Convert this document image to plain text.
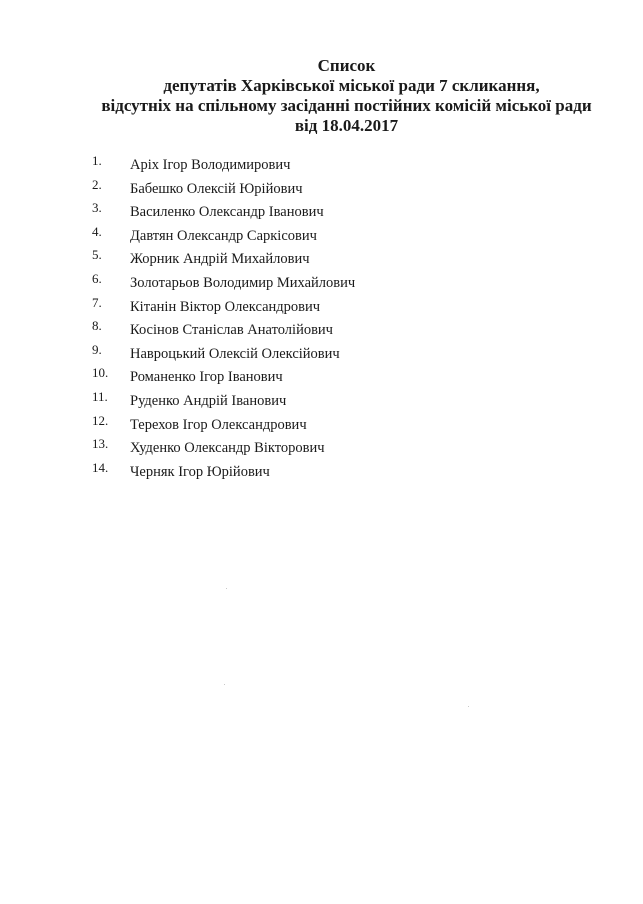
Список
депутатів Харківської міської ради 7 скликання,
відсутніх на спільному засіданні постійних комісій міської ради
від 18.04.2017
1. Аріх Ігор Володимирович
2. Бабешко Олексій Юрійович
3. Василенко Олександр Іванович
4. Давтян Олександр Саркісович
5. Жорник Андрій Михайлович
6. Золотарьов Володимир Михайлович
7. Кітанін Віктор Олександрович
8. Косінов Станіслав Анатолійович
9. Навроцький Олексій Олексійович
10. Романенко Ігор Іванович
11. Руденко Андрій Іванович
12. Терехов Ігор Олександрович
13. Худенко Олександр Вікторович
14. Черняк Ігор Юрійович
